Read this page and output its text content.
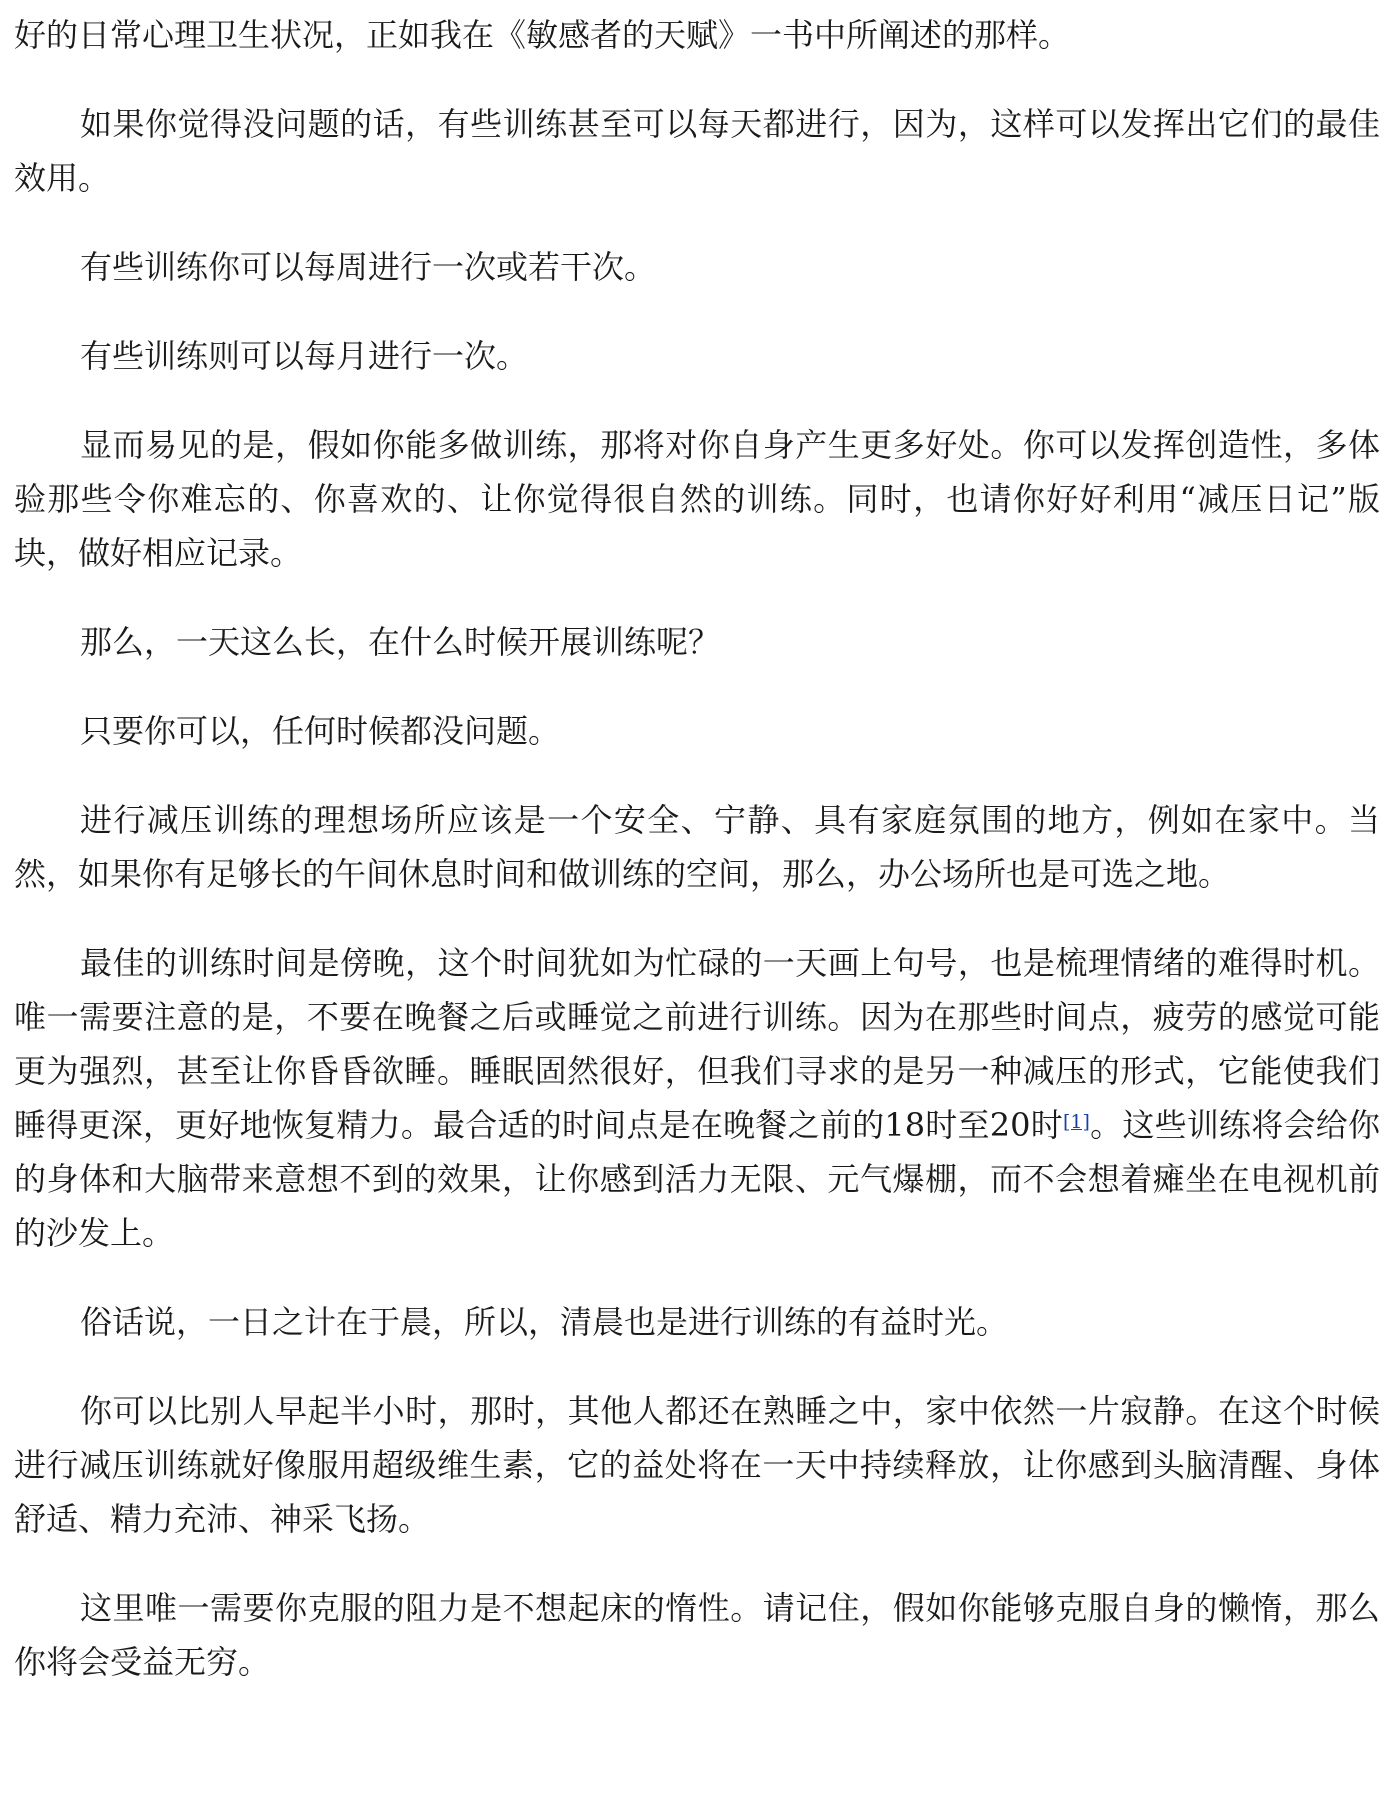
好的日常心理卫生状况，正如我在《敏感者的天赋》一书中所阐述的那样。

如果你觉得没问题的话，有些训练甚至可以每天都进行，因为，这样可以发挥出它们的最佳效用。

有些训练你可以每周进行一次或若干次。

有些训练则可以每月进行一次。

显而易见的是，假如你能多做训练，那将对你自身产生更多好处。你可以发挥创造性，多体验那些令你难忘的、你喜欢的、让你觉得很自然的训练。同时，也请你好好利用“减压日记”版块，做好相应记录。

那么，一天这么长，在什么时候开展训练呢？

只要你可以，任何时候都没问题。

进行减压训练的理想场所应该是一个安全、宁静、具有家庭氛围的地方，例如在家中。当然，如果你有足够长的午间休息时间和做训练的空间，那么，办公场所也是可选之地。

最佳的训练时间是傍晚，这个时间犹如为忙碌的一天画上句号，也是梳理情绪的难得时机。唯一需要注意的是，不要在晚餐之后或睡觉之前进行训练。因为在那些时间点，疲劳的感觉可能更为强烈，甚至让你昏昏欲睡。睡眠固然很好，但我们寻求的是另一种减压的形式，它能使我们睡得更深，更好地恢复精力。最合适的时间点是在晚餐之前的18时至20时[1]。这些训练将会给你的身体和大脑带来意想不到的效果，让你感到活力无限、元气爆棚，而不会想着瘫坐在电视机前的沙发上。

俗话说，一日之计在于晨，所以，清晨也是进行训练的有益时光。

你可以比别人早起半小时，那时，其他人都还在熟睡之中，家中依然一片寂静。在这个时候进行减压训练就好像服用超级维生素，它的益处将在一天中持续释放，让你感到头脑清醒、身体舒适、精力充沛、神采飞扬。

这里唯一需要你克服的阻力是不想起床的惰性。请记住，假如你能够克服自身的懒惰，那么你将会受益无穷。
